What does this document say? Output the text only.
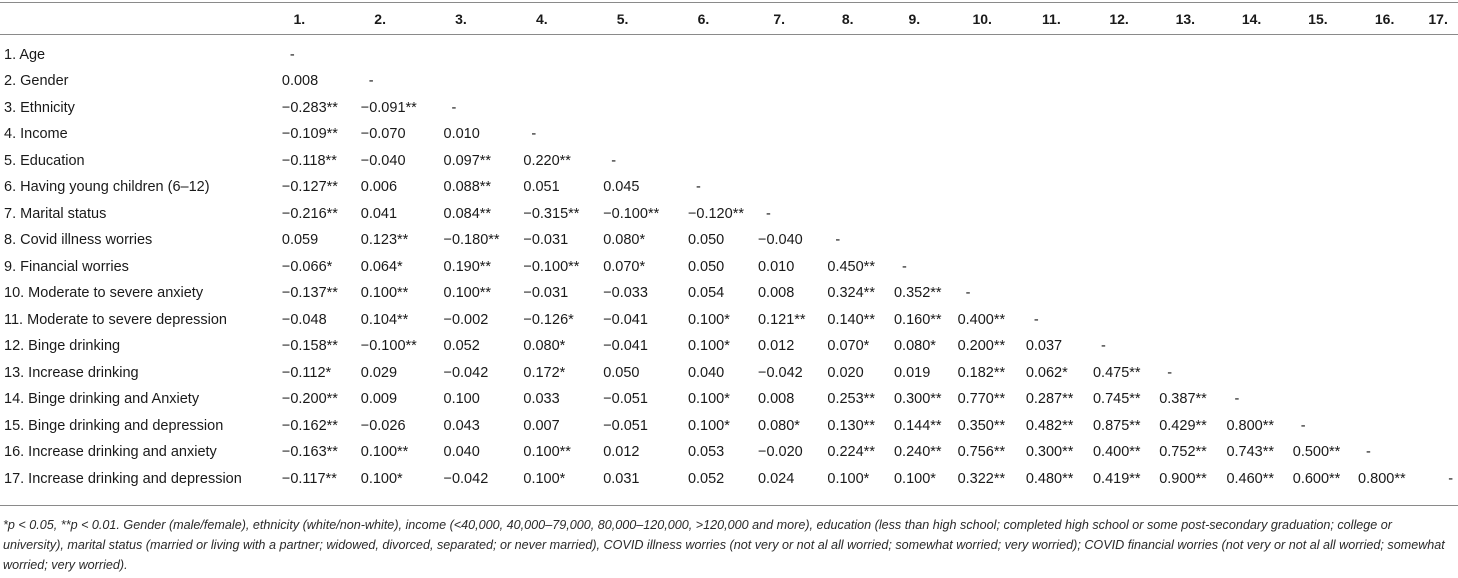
	1.	2.	3.	4.	5.	6.	7.	8.	9.	10.	11.	12.	13.	14.	15.	16.	17.
1. Age	-																
2. Gender	0.008	-															
3. Ethnicity	−0.283**	−0.091**	-														
4. Income	−0.109**	−0.070	0.010	-													
5. Education	−0.118**	−0.040	0.097**	0.220**	-												
6. Having young children (6–12)	−0.127**	0.006	0.088**	0.051	0.045	-											
7. Marital status	−0.216**	0.041	0.084**	−0.315**	−0.100**	−0.120**	-										
8. Covid illness worries	0.059	0.123**	−0.180**	−0.031	0.080*	0.050	−0.040	-									
9. Financial worries	−0.066*	0.064*	0.190**	−0.100**	0.070*	0.050	0.010	0.450**	-								
10. Moderate to severe anxiety	−0.137**	0.100**	0.100**	−0.031	−0.033	0.054	0.008	0.324**	0.352**	-							
11. Moderate to severe depression	−0.048	0.104**	−0.002	−0.126*	−0.041	0.100*	0.121**	0.140**	0.160**	0.400**	-						
12. Binge drinking	−0.158**	−0.100**	0.052	0.080*	−0.041	0.100*	0.012	0.070*	0.080*	0.200**	0.037	-					
13. Increase drinking	−0.112*	0.029	−0.042	0.172*	0.050	0.040	−0.042	0.020	0.019	0.182**	0.062*	0.475**	-				
14. Binge drinking and Anxiety	−0.200**	0.009	0.100	0.033	−0.051	0.100*	0.008	0.253**	0.300**	0.770**	0.287**	0.745**	0.387**	-			
15. Binge drinking and depression	−0.162**	−0.026	0.043	0.007	−0.051	0.100*	0.080*	0.130**	0.144**	0.350**	0.482**	0.875**	0.429**	0.800**	-		
16. Increase drinking and anxiety	−0.163**	0.100**	0.040	0.100**	0.012	0.053	−0.020	0.224**	0.240**	0.756**	0.300**	0.400**	0.752**	0.743**	0.500**	-	
17. Increase drinking and depression	−0.117**	0.100*	−0.042	0.100*	0.031	0.052	0.024	0.100*	0.100*	0.322**	0.480**	0.419**	0.900**	0.460**	0.600**	0.800**	-
*p < 0.05, **p < 0.01. Gender (male/female), ethnicity (white/non-white), income (<40,000, 40,000–79,000, 80,000–120,000, >120,000 and more), education (less than high school; completed high school or some post-secondary graduation; college or university), marital status (married or living with a partner; widowed, divorced, separated; or never married), COVID illness worries (not very or not al all worried; somewhat worried; very worried); COVID financial worries (not very or not al all worried; somewhat worried; very worried).
